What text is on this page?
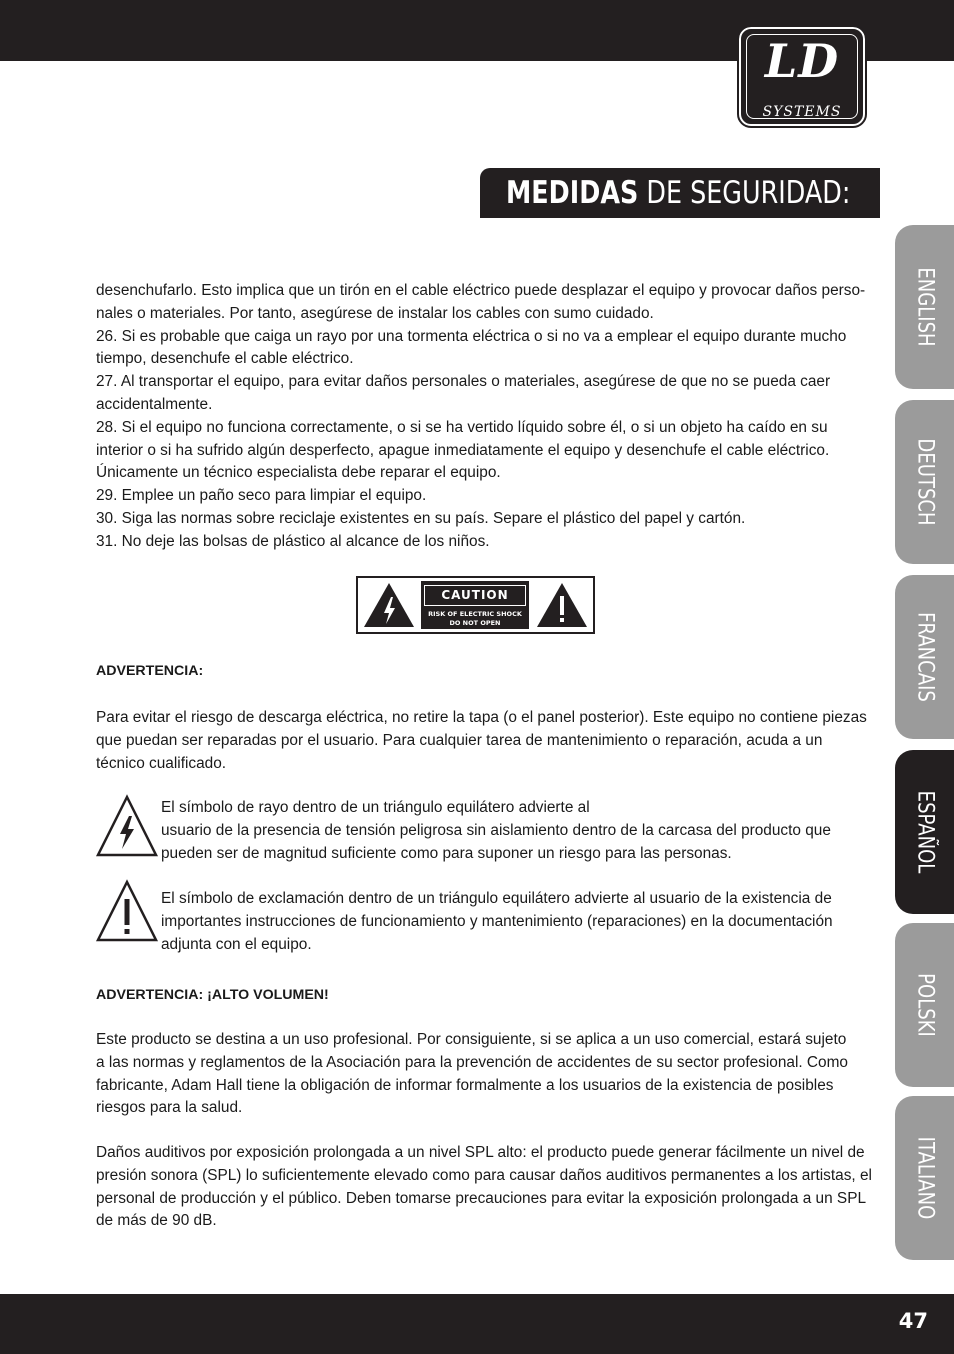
LD
SYSTEMS
MEDIDAS DE SEGURIDAD:
ENGLISH
DEUTSCH
FRANCAIS
ESPAÑOL
POLSKI
ITALIANO
desenchufarlo. Esto implica que un tirón en el cable eléctrico puede desplazar el equipo y provocar daños perso-
nales o materiales. Por tanto, asegúrese de instalar los cables con sumo cuidado.
26. Si es probable que caiga un rayo por una tormenta eléctrica o si no va a emplear el equipo durante mucho
tiempo, desenchufe el cable eléctrico.
27. Al transportar el equipo, para evitar daños personales o materiales, asegúrese de que no se pueda caer
accidentalmente.
28. Si el equipo no funciona correctamente, o si se ha vertido líquido sobre él, o si un objeto ha caído en su
interior o si ha sufrido algún desperfecto, apague inmediatamente el equipo y desenchufe el cable eléctrico.
Únicamente un técnico especialista debe reparar el equipo.
29. Emplee un paño seco para limpiar el equipo.
30. Siga las normas sobre reciclaje existentes en su país. Separe el plástico del papel y cartón.
31. No deje las bolsas de plástico al alcance de los niños.
CAUTION
RISK OF ELECTRIC SHOCK
DO NOT OPEN
ADVERTENCIA:
Para evitar el riesgo de descarga eléctrica, no retire la tapa (o el panel posterior). Este equipo no contiene piezas
que puedan ser reparadas por el usuario. Para cualquier tarea de mantenimiento o reparación, acuda a un
técnico cualificado.
El símbolo de rayo dentro de un triángulo equilátero advierte al
usuario de la presencia de tensión peligrosa sin aislamiento dentro de la carcasa del producto que
pueden ser de magnitud suficiente como para suponer un riesgo para las personas.
El símbolo de exclamación dentro de un triángulo equilátero advierte al usuario de la existencia de
importantes instrucciones de funcionamiento y mantenimiento (reparaciones) en la documentación
adjunta con el equipo.
ADVERTENCIA: ¡ALTO VOLUMEN!
Este producto se destina a un uso profesional. Por consiguiente, si se aplica a un uso comercial, estará sujeto
a las normas y reglamentos de la Asociación para la prevención de accidentes de su sector profesional. Como
fabricante, Adam Hall tiene la obligación de informar formalmente a los usuarios de la existencia de posibles
riesgos para la salud.
Daños auditivos por exposición prolongada a un nivel SPL alto: el producto puede generar fácilmente un nivel de
presión sonora (SPL) lo suficientemente elevado como para causar daños auditivos permanentes a los artistas, el
personal de producción y el público. Deben tomarse precauciones para evitar la exposición prolongada a un SPL
de más de 90 dB.
47
